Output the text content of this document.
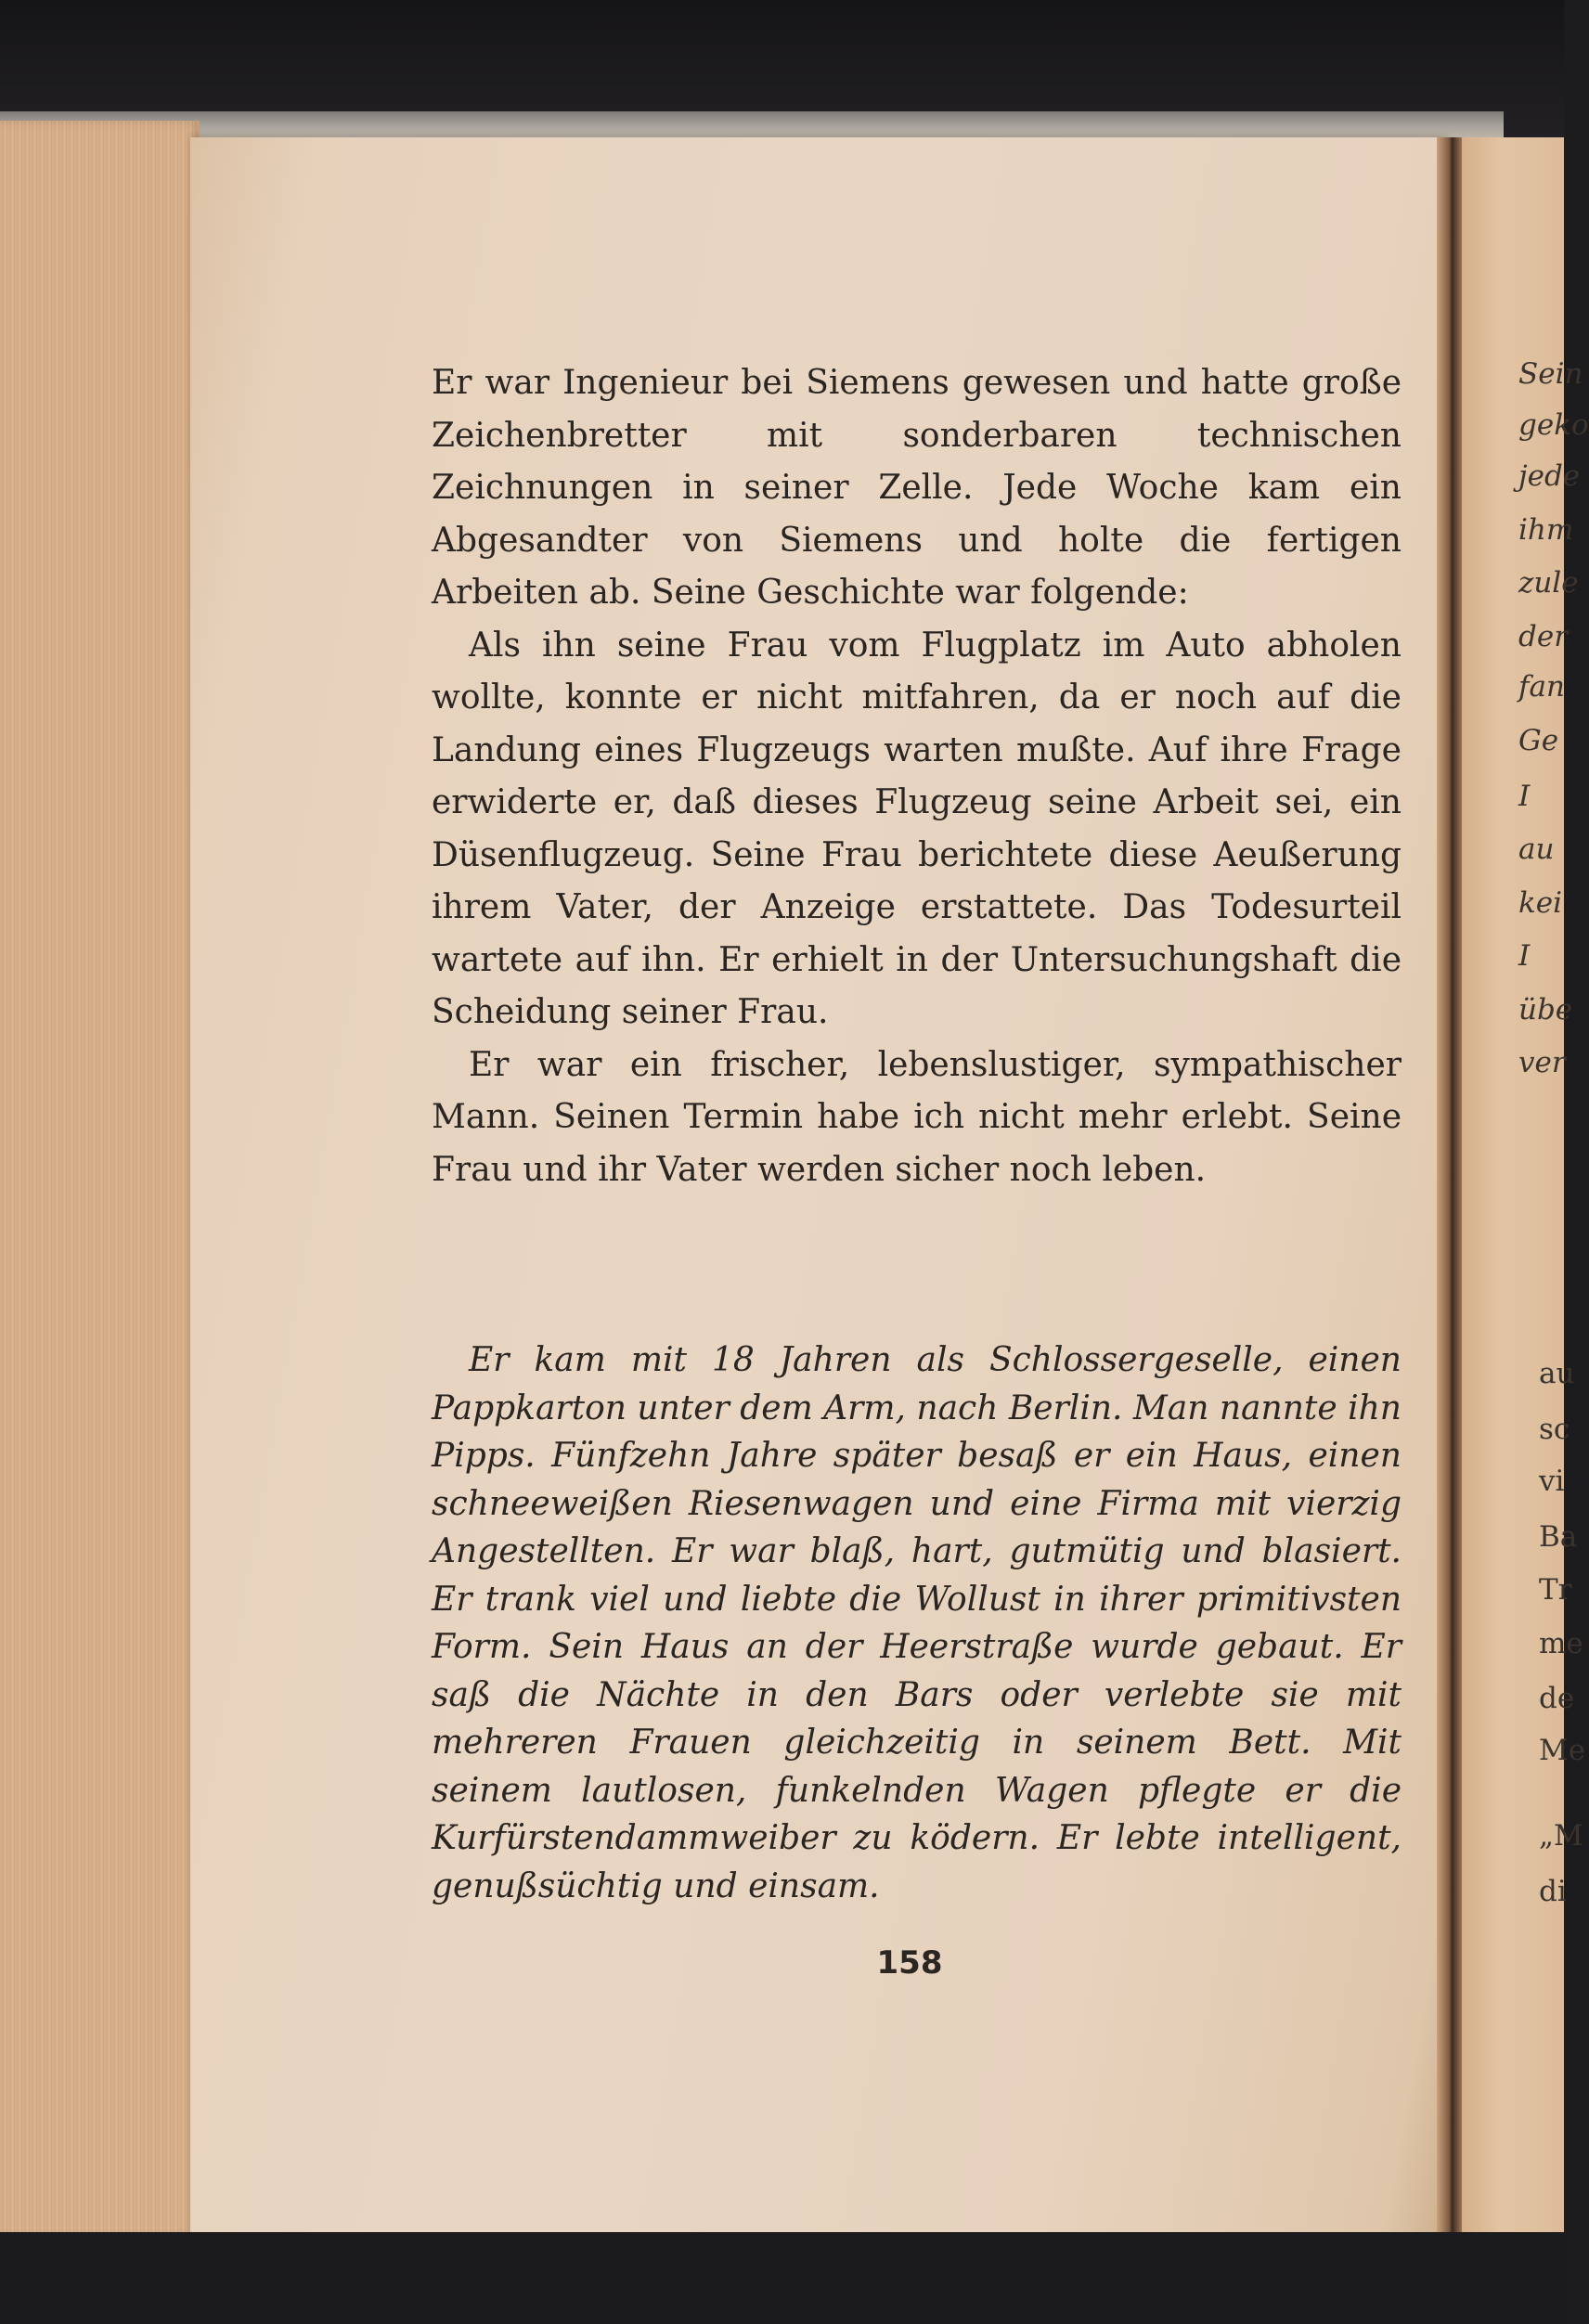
Er war Ingenieur bei Siemens gewesen und hatte große Zeichenbretter mit sonderbaren technischen Zeichnungen in seiner Zelle. Jede Woche kam ein Abgesandter von Siemens und holte die fertigen Arbeiten ab. Seine Geschichte war folgende:

Als ihn seine Frau vom Flugplatz im Auto abholen wollte, konnte er nicht mitfahren, da er noch auf die Landung eines Flugzeugs warten mußte. Auf ihre Frage erwiderte er, daß dieses Flugzeug seine Arbeit sei, ein Düsenflugzeug. Seine Frau berichtete diese Aeußerung ihrem Vater, der Anzeige erstattete. Das Todesurteil wartete auf ihn. Er erhielt in der Untersuchungshaft die Scheidung seiner Frau.

Er war ein frischer, lebenslustiger, sympathischer Mann. Seinen Termin habe ich nicht mehr erlebt. Seine Frau und ihr Vater werden sicher noch leben.

Er kam mit 18 Jahren als Schlossergeselle, einen Pappkarton unter dem Arm, nach Berlin. Man nannte ihn Pipps. Fünfzehn Jahre später besaß er ein Haus, einen schneeweißen Riesenwagen und eine Firma mit vierzig Angestellten. Er war blaß, hart, gutmütig und blasiert. Er trank viel und liebte die Wollust in ihrer primitivsten Form. Sein Haus an der Heerstraße wurde gebaut. Er saß die Nächte in den Bars oder verlebte sie mit mehreren Frauen gleichzeitig in seinem Bett. Mit seinem lautlosen, funkelnden Wagen pflegte er die Kurfürstendammweiber zu ködern. Er lebte intelligent, genußsüchtig und einsam.

158
Sein
geko
jede
ihm
zule
der
fan
Ge
I
au
kei
I
übe
ver
au
sc
vi
Ba
Tr
me
de
Me
„M
di
